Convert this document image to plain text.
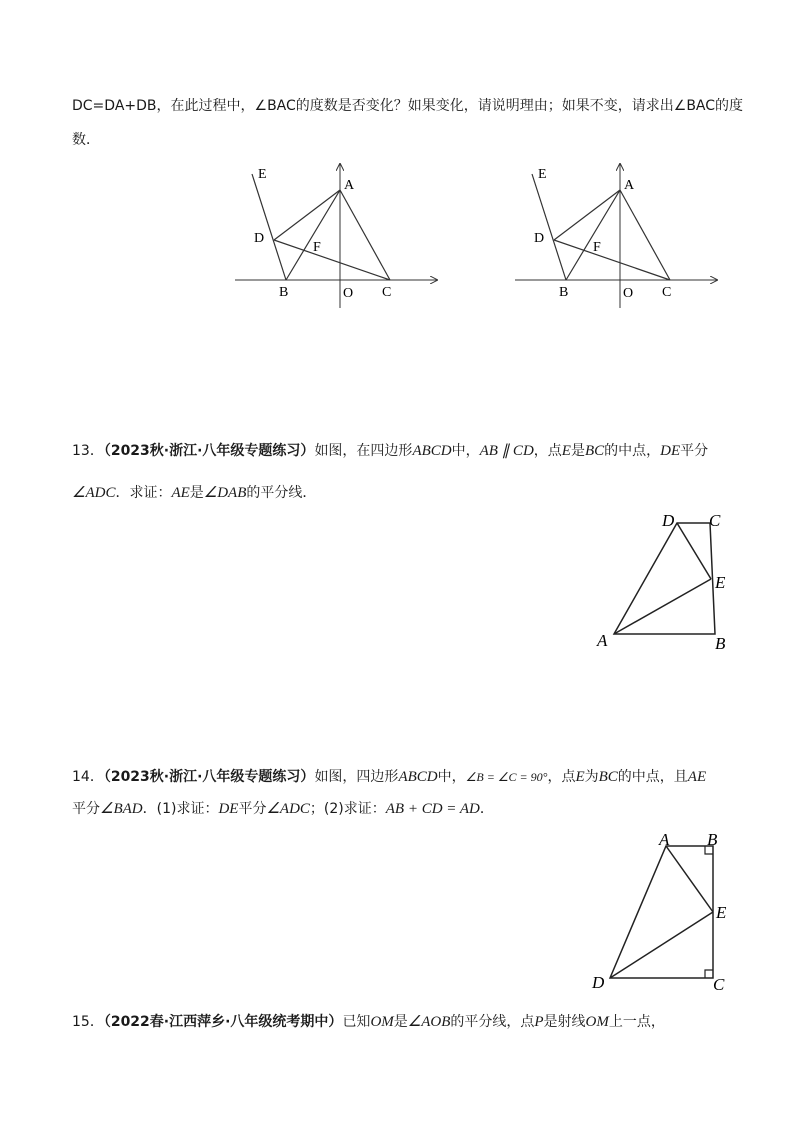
DC=DA+DB，在此过程中，∠BAC的度数是否变化？如果变化，请说明理由；如果不变，请求出∠BAC的度
数．
E
A
D
F
B	O C
E
A
D
F
B	O C
13．（2023秋·浙江·八年级专题练习）如图，在四边形ABCD中，AB ∥ CD，点E是BC的中点，DE平分
∠ADC．求证：AE是∠DAB的平分线．
D C
E
A	B
14．（2023秋·浙江·八年级专题练习）如图，四边形ABCD中，∠B = ∠C = 90°，点E为BC的中点，且AE
平分∠BAD．(1)求证：DE平分∠ADC；(2)求证：AB + CD = AD．
A B
E
D	C
15．（2022春·江西萍乡·八年级统考期中）已知OM是∠AOB的平分线，点P是射线OM上一点，
